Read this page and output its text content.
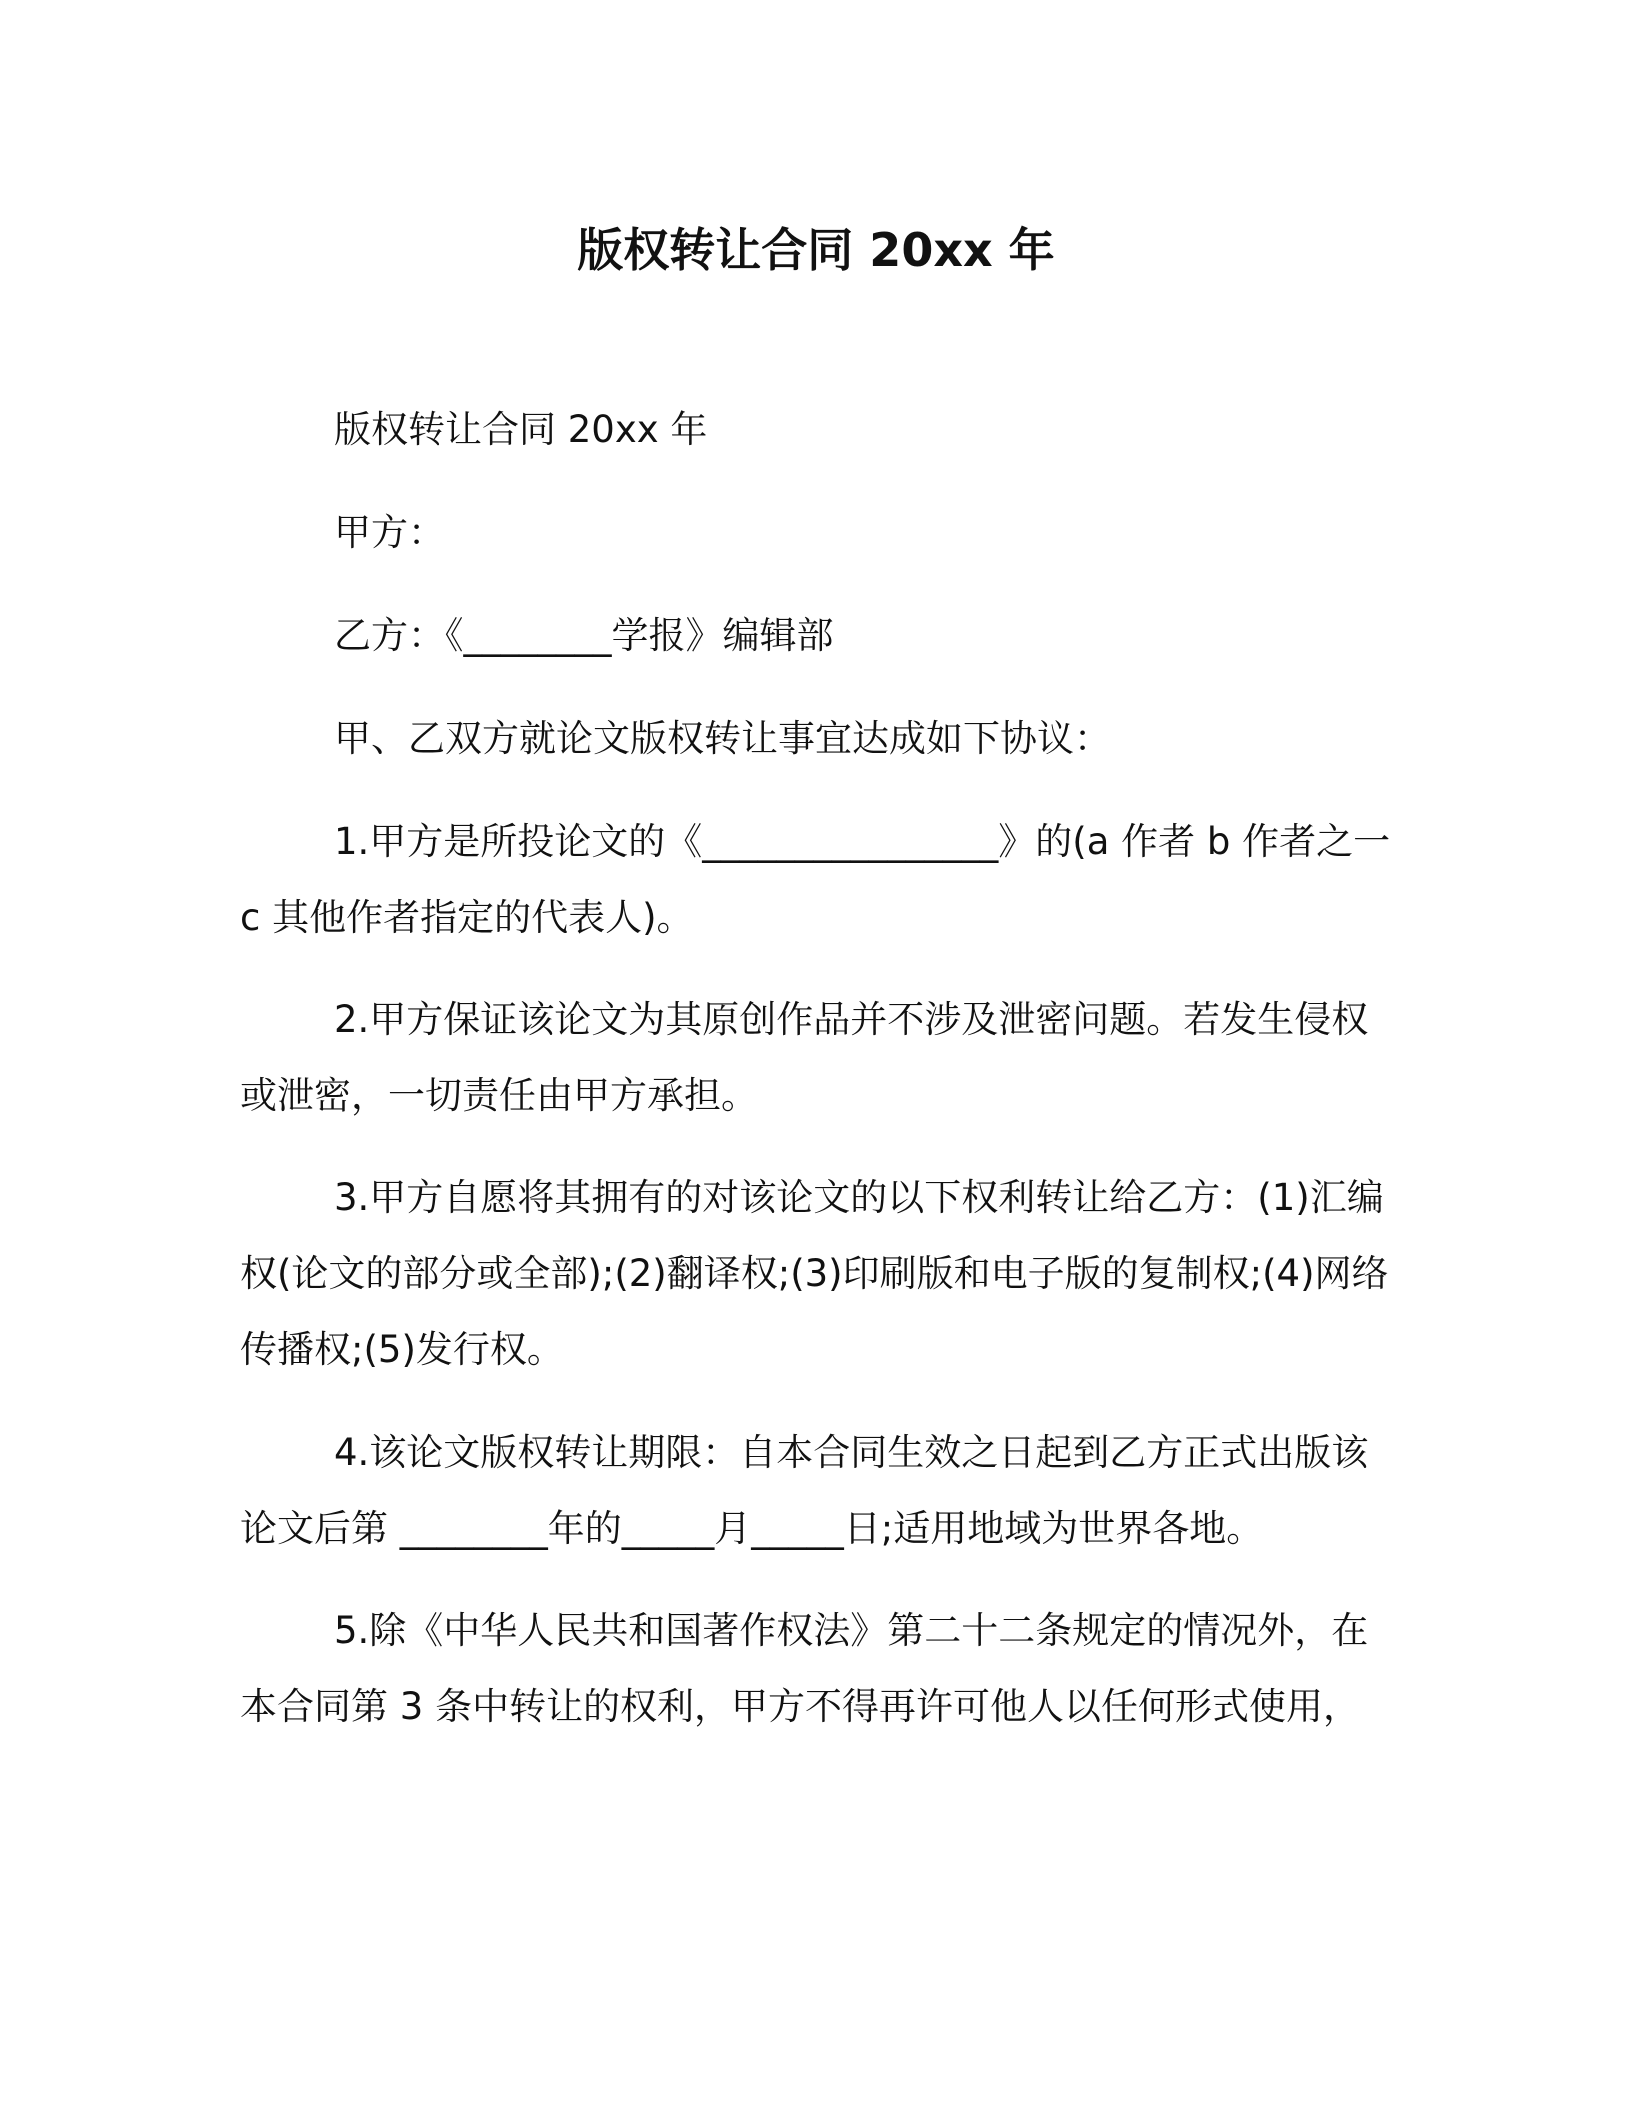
版权转让合同 20xx 年

版权转让合同 20xx 年

甲方：

乙方：《________学报》编辑部

甲、乙双方就论文版权转让事宜达成如下协议：

1.甲方是所投论文的《________________》的(a 作者 b 作者之一 c 其他作者指定的代表人)。

2.甲方保证该论文为其原创作品并不涉及泄密问题。若发生侵权或泄密，一切责任由甲方承担。

3.甲方自愿将其拥有的对该论文的以下权利转让给乙方：(1)汇编权(论文的部分或全部);(2)翻译权;(3)印刷版和电子版的复制权;(4)网络传播权;(5)发行权。

4.该论文版权转让期限：自本合同生效之日起到乙方正式出版该论文后第 ________年的_____月_____日;适用地域为世界各地。

5.除《中华人民共和国著作权法》第二十二条规定的情况外，在本合同第 3 条中转让的权利，甲方不得再许可他人以任何形式使用，
